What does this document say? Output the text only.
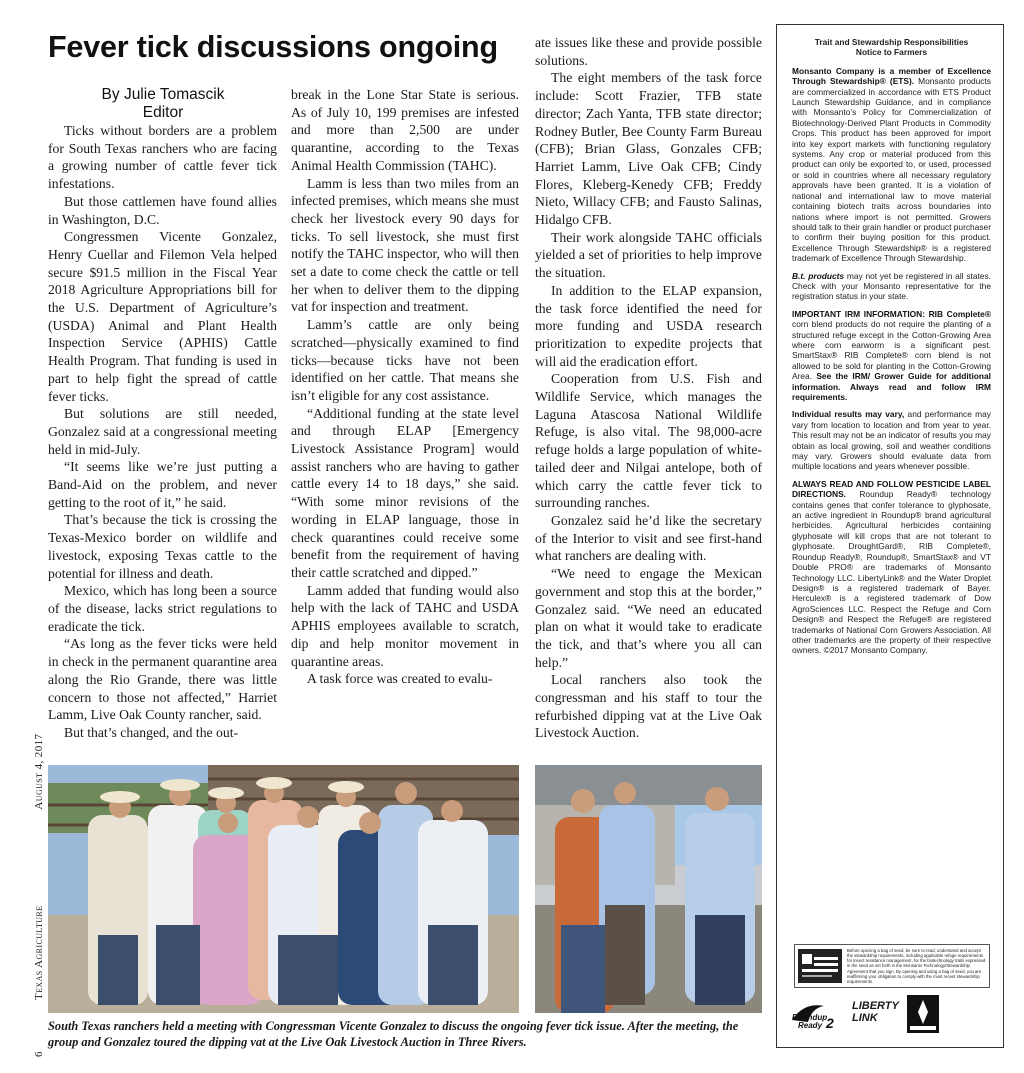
Fever tick discussions ongoing
By Julie Tomascik
Editor

Ticks without borders are a problem for South Texas ranchers who are facing a growing number of cattle fever tick infestations.

But those cattlemen have found allies in Washington, D.C.

Congressmen Vicente Gonzalez, Henry Cuellar and Filemon Vela helped secure $91.5 million in the Fiscal Year 2018 Agriculture Appropriations bill for the U.S. Department of Agriculture’s (USDA) Animal and Plant Health Inspection Service (APHIS) Cattle Health Program. That funding is used in part to help fight the spread of cattle fever ticks.

But solutions are still needed, Gonzalez said at a congressional meeting held in mid-July.

“It seems like we’re just putting a Band-Aid on the problem, and never getting to the root of it,” he said.

That’s because the tick is crossing the Texas-Mexico border on wildlife and livestock, exposing Texas cattle to the potential for illness and death.

Mexico, which has long been a source of the disease, lacks strict regulations to eradicate the tick.

“As long as the fever ticks were held in check in the permanent quarantine area along the Rio Grande, there was little concern to those not affected,” Harriet Lamm, Live Oak County rancher, said.

But that’s changed, and the out-

break in the Lone Star State is serious. As of July 10, 199 premises are infested and more than 2,500 are under quarantine, according to the Texas Animal Health Commission (TAHC).

Lamm is less than two miles from an infected premises, which means she must check her livestock every 90 days for ticks. To sell livestock, she must first notify the TAHC inspector, who will then set a date to come check the cattle or tell her when to deliver them to the dipping vat for inspection and treatment.

Lamm’s cattle are only being scratched—physically examined to find ticks—because ticks have not been identified on her cattle. That means she isn’t eligible for any cost assistance.

“Additional funding at the state level and through ELAP [Emergency Livestock Assistance Program] would assist ranchers who are having to gather cattle every 14 to 18 days,” she said. “With some minor revisions of the wording in ELAP language, those in check quarantines could receive some benefit from the requirement of having their cattle scratched and dipped.”

Lamm added that funding would also help with the lack of TAHC and USDA APHIS employees available to scratch, dip and help monitor movement in quarantine areas.

A task force was created to evalu-

ate issues like these and provide possible solutions.

The eight members of the task force include: Scott Frazier, TFB state director; Zach Yanta, TFB state director; Rodney Butler, Bee County Farm Bureau (CFB); Brian Glass, Gonzales CFB; Harriet Lamm, Live Oak CFB; Cindy Flores, Kleberg-Kenedy CFB; Freddy Nieto, Willacy CFB; and Fausto Salinas, Hidalgo CFB.

Their work alongside TAHC officials yielded a set of priorities to help improve the situation.

In addition to the ELAP expansion, the task force identified the need for more funding and USDA research prioritization to expedite projects that will aid the eradication effort.

Cooperation from U.S. Fish and Wildlife Service, which manages the Laguna Atascosa National Wildlife Refuge, is also vital. The 98,000-acre refuge holds a large population of white-tailed deer and Nilgai antelope, both of which carry the cattle fever tick to surrounding ranches.

Gonzalez said he’d like the secretary of the Interior to visit and see first-hand what ranchers are dealing with.

“We need to engage the Mexican government and stop this at the border,” Gonzalez said. “We need an educated plan on what it would take to eradicate the tick, and that’s where you all can help.”

Local ranchers also took the congressman and his staff to tour the refurbished dipping vat at the Live Oak Livestock Auction.

Trait and Stewardship Responsibilities
Notice to Farmers

Monsanto Company is a member of Excellence Through Stewardship® (ETS). Monsanto products are commercialized in accordance with ETS Product Launch Stewardship Guidance, and in compliance with Monsanto’s Policy for Commercialization of Biotechnology-Derived Plant Products in Commodity Crops. This product has been approved for import into key export markets with functioning regulatory systems. Any crop or material produced from this product can only be exported to, or used, processed or sold in countries where all necessary regulatory approvals have been granted. It is a violation of national and international law to move material containing biotech traits across boundaries into nations where import is not permitted. Growers should talk to their grain handler or product purchaser to confirm their buying position for this product. Excellence Through Stewardship® is a registered trademark of Excellence Through Stewardship.

B.t. products may not yet be registered in all states. Check with your Monsanto representative for the registration status in your state.

IMPORTANT IRM INFORMATION: RIB Complete® corn blend products do not require the planting of a structured refuge except in the Cotton-Growing Area where corn earworm is a significant pest. SmartStax® RIB Complete® corn blend is not allowed to be sold for planting in the Cotton-Growing Area. See the IRM/ Grower Guide for additional information. Always read and follow IRM requirements.

Individual results may vary, and performance may vary from location to location and from year to year. This result may not be an indicator of results you may obtain as local growing, soil and weather conditions may vary. Growers should evaluate data from multiple locations and years whenever possible.

ALWAYS READ AND FOLLOW PESTICIDE LABEL DIRECTIONS. Roundup Ready® technology contains genes that confer tolerance to glyphosate, an active ingredient in Roundup® brand agricultural herbicides. Agricultural herbicides containing glyphosate will kill crops that are not tolerant to glyphosate. DroughtGard®, RIB Complete®, Roundup Ready®, Roundup®, SmartStax® and VT Double PRO® are trademarks of Monsanto Technology LLC. LibertyLink® and the Water Droplet Design® is a registered trademark of Bayer. Herculex® is a registered trademark of Dow AgroSciences LLC. Respect the Refuge and Corn Design® and Respect the Refuge® are registered trademarks of National Corn Growers Association. All other trademarks are the property of their respective owners. ©2017 Monsanto Company.

Before opening a bag of seed, be sure to read, understand and accept the stewardship requirements, including applicable refuge requirements for insect resistance management, for the biotechnology traits expressed in the seed as set forth in the Monsanto Technology/Stewardship Agreement that you sign. By opening and using a bag of seed, you are reaffirming your obligation to comply with the most recent stewardship requirements.
Roundup
Ready 2
LIBERTY
LINK
South Texas ranchers held a meeting with Congressman Vicente Gonzalez to discuss the ongoing fever tick issue. After the meeting, the group and Gonzalez toured the dipping vat at the Live Oak Livestock Auction in Three Rivers.
Texas AgricultureAugust 4, 2017
6
